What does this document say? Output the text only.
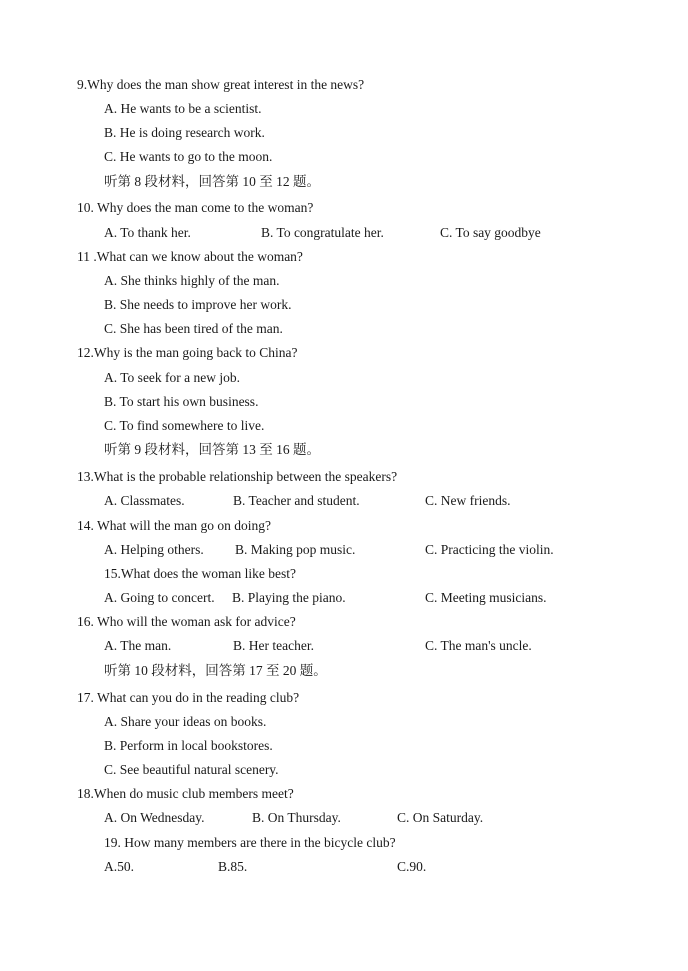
9.Why does the man show great interest in the news?
A. He wants to be a scientist.
B. He is doing research work.
C. He wants to go to the moon.
听第 8 段材料，回答第 10 至 12 题。
10. Why does the man come to the woman?
A. To thank her.	B. To congratulate her.	C. To say goodbye
11 .What can we know about the woman?
A. She thinks highly of the man.
B. She needs to improve her work.
C. She has been tired of the man.
12.Why is the man going back to China?
A. To seek for a new job.
B. To start his own business.
C. To find somewhere to live.
听第 9 段材料，回答第 13 至 16 题。
13.What is the probable relationship between the speakers?
A. Classmates.	B. Teacher and student.	C. New friends.
14. What will the man go on doing?
A. Helping others. B. Making pop music.	C. Practicing the violin.
15.What does the woman like best?
A. Going to concert. B. Playing the piano.	C. Meeting musicians.
16. Who will the woman ask for advice?
A. The man.	B. Her teacher.	C. The man's uncle.
听第 10 段材料，回答第 17 至 20 题。
17. What can you do in the reading club?
A. Share your ideas on books.
B. Perform in local bookstores.
C. See beautiful natural scenery.
18.When do music club members meet?
A. On Wednesday.	B. On Thursday.	C. On Saturday.
19. How many members are there in the bicycle club?
A.50.	B.85.	C.90.
